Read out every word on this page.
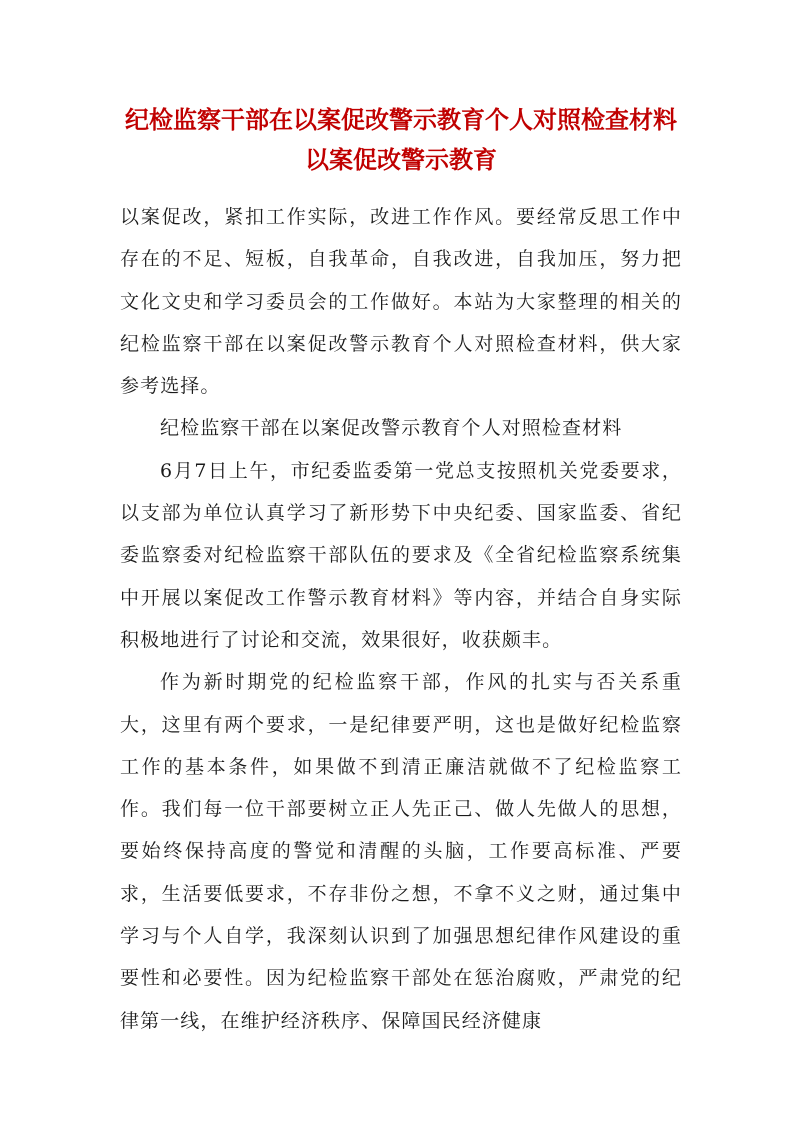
纪检监察干部在以案促改警示教育个人对照检查材料
以案促改警示教育

以案促改，紧扣工作实际，改进工作作风。要经常反思工作中存在的不足、短板，自我革命，自我改进，自我加压，努力把文化文史和学习委员会的工作做好。本站为大家整理的相关的纪检监察干部在以案促改警示教育个人对照检查材料，供大家参考选择。

纪检监察干部在以案促改警示教育个人对照检查材料

6月7日上午，市纪委监委第一党总支按照机关党委要求，以支部为单位认真学习了新形势下中央纪委、国家监委、省纪委监察委对纪检监察干部队伍的要求及《全省纪检监察系统集中开展以案促改工作警示教育材料》等内容，并结合自身实际积极地进行了讨论和交流，效果很好，收获颇丰。

作为新时期党的纪检监察干部，作风的扎实与否关系重大，这里有两个要求，一是纪律要严明，这也是做好纪检监察工作的基本条件，如果做不到清正廉洁就做不了纪检监察工作。我们每一位干部要树立正人先正己、做人先做人的思想，要始终保持高度的警觉和清醒的头脑，工作要高标准、严要求，生活要低要求，不存非份之想，不拿不义之财，通过集中学习与个人自学，我深刻认识到了加强思想纪律作风建设的重要性和必要性。因为纪检监察干部处在惩治腐败，严肃党的纪律第一线，在维护经济秩序、保障国民经济健康
